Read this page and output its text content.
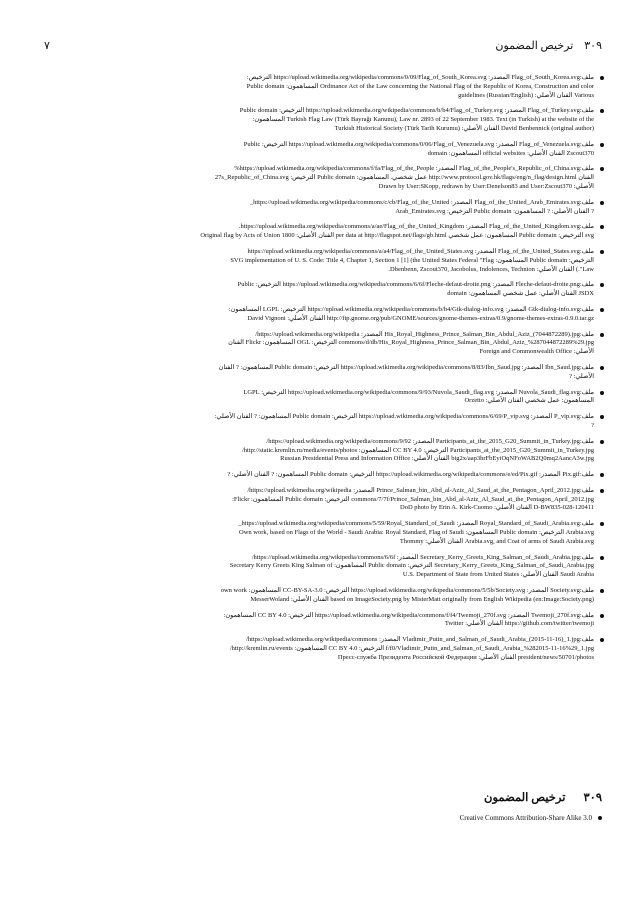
٧	٣٠٩    ترخيص المضمون
ملف:Flag_of_South_Korea.svg المصدر: https://upload.wikimedia.org/wikipedia/commons/0/09/Flag_of_South_Korea.svg الترخيص:
Ordinance Act of the Law concerning the National Flag of the Republic of Korea, Construction and color المساهمون: Public domain
Various الفنان الأصلي: guidelines (Russian/English)
ملف:Flag_of_Turkey.svg المصدر: https://upload.wikimedia.org/wikipedia/commons/b/b4/Flag_of_Turkey.svg الترخيص: Public domain
Turkish Flag Law (Türk Bayrağı Kanunu), Law nr. 2893 of 22 September 1983. Text (in Turkish) at the website of the المساهمون:
David Benbennick (original author) الفنان الأصلي: Turkish Historical Society (Türk Tarih Kurumu)
ملف:Flag_of_Venezuela.svg المصدر: https://upload.wikimedia.org/wikipedia/commons/0/06/Flag_of_Venezuela.svg الترخيص: Public
Zscout370 الفنان الأصلي: official websites المساهمون: domain
ملف:Flag_of_the_People's_Republic_of_China.svg المصدر: https://upload.wikimedia.org/wikipedia/commons/f/fa/Flag_of_the_People%
الفنان http://www.protocol.gov.hk/flags/eng/n_flag/design.html عمل شخصي. المساهمون: Public domain الترخيص: 27s_Republic_of_China.svg
الأصلي: Drawn by User:SKopp, redrawn by User:Denelson83 and User:Zscout370
ملف:Flag_of_the_United_Arab_Emirates.svg المصدر: https://upload.wikimedia.org/wikipedia/commons/c/cb/Flag_of_the_United_
? الفنان الأصلي: ? المساهمون: Public domain الترخيص: Arab_Emirates.svg
ملف:Flag_of_the_United_Kingdom.svg المصدر: https://upload.wikimedia.org/wikipedia/commons/a/ae/Flag_of_the_United_Kingdom.
svg الترخيص: Public domain المساهمون: عمل شخصي per data at http://flagspot.net/flags/gb.html الفنان الأصلي: Original flag by Acts of Union 1800
ملف:Flag_of_the_United_States.svg المصدر: https://upload.wikimedia.org/wikipedia/commons/a/a4/Flag_of_the_United_States.svg
الترخيص: Public domain المساهمون: SVG implementation of U. S. Code: Title 4, Chapter 1, Section 1 [1] (the United States Federal "Flag
Law".) الفنان الأصلي: Dbenbenn, Zscout370, Jacobolus, Indolences, Technion.
ملف:Fleche-defaut-droite.png المصدر: https://upload.wikimedia.org/wikipedia/commons/6/6f/Fleche-defaut-droite.png الترخيص: Public
JSDX الفنان الأصلي: عمل شخصي المساهمون: domain
ملف:Gtk-dialog-info.svg المصدر: https://upload.wikimedia.org/wikipedia/commons/b/b4/Gtk-dialog-info.svg الترخيص: LGPL المساهمون:
http://ftp.gnome.org/pub/GNOME/sources/gnome-themes-extras/0.9/gnome-themes-extras-0.9.0.tar.gz الفنان الأصلي: David Vignoni
ملف:His_Royal_Highness_Prince_Salman_Bin_Abdul_Aziz_(7044872289).jpg المصدر: https://upload.wikimedia.org/wikipedia/
commons/d/db/His_Royal_Highness_Prince_Salman_Bin_Abdul_Aziz_%287044872289%29.jpg الترخيص: OGL المساهمون: Flickr الفنان
الأصلي: Foreign and Commonwealth Office
ملف:Ibn_Saud.jpg المصدر: https://upload.wikimedia.org/wikipedia/commons/8/83/Ibn_Saud.jpg الترخيص: Public domain المساهمون: ? الفنان
الأصلي: ?
ملف:Nuvola_Saudi_flag.svg المصدر: https://upload.wikimedia.org/wikipedia/commons/9/93/Nuvola_Saudi_flag.svg الترخيص: LGPL
المساهمون: عمل شخصي الفنان الأصلي: Orzetto
ملف:P_vip.svg المصدر: https://upload.wikimedia.org/wikipedia/commons/6/69/P_vip.svg الترخيص: Public domain المساهمون: ? الفنان الأصلي:
?
ملف:Participants_at_the_2015_G20_Summit_in_Turkey.jpg المصدر: https://upload.wikimedia.org/wikipedia/commons/9/92/
Participants_at_the_2015_G20_Summit_in_Turkey.jpg الترخيص: CC BY 4.0 المساهمون: http://static.kremlin.ru/media/events/photos/
big2x/aap3hrFbEyiOqNFoWAB2Q0mq2AancA3w.jpg الفنان الأصلي: Russian Presidential Press and Information Office
ملف:Pix.gif المصدر: https://upload.wikimedia.org/wikipedia/commons/e/ed/Pix.gif الترخيص: Public domain المساهمون: ? الفنان الأصلي: ?
ملف:Prince_Salman_bin_Abd_al-Aziz_Al_Saud_at_the_Pentagon_April_2012.jpg المصدر: https://upload.wikimedia.org/wikipedia/
commons/7/7f/Prince_Salman_bin_Abd_al-Aziz_Al_Saud_at_the_Pentagon_April_2012.jpg الترخيص: Public domain المساهمون: Flickr:
120411-D-BW835-028 الفنان الأصلي: DoD photo by Erin A. Kirk-Cuomo
ملف:Royal_Standard_of_Saudi_Arabia.svg المصدر: https://upload.wikimedia.org/wikipedia/commons/5/59/Royal_Standard_of_Saudi_
Arabia.svg الترخيص: Public domain المساهمون: Own work, based on Flags of the World - Saudi Arabia: Royal Standard, Flag of Saudi
Arabia.svg, and Coat of arms of Saudi Arabia.svg الفنان الأصلي: Thommy
ملف:Secretary_Kerry_Greets_King_Salman_of_Saudi_Arabia.jpg المصدر: https://upload.wikimedia.org/wikipedia/commons/6/6f/
Secretary_Kerry_Greets_King_Salman_of_Saudi_Arabia.jpg الترخيص: Public domain المساهمون: Secretary Kerry Greets King Salman of
Saudi Arabia الفنان الأصلي: U.S. Department of State from United States
ملف:Society.svg المصدر: https://upload.wikimedia.org/wikipedia/commons/5/5b/Society.svg الترخيص: CC-BY-SA-3.0 المساهمون: own work
based on ImageSociety.png by MisterMatt originally from English Wikipedia (en:Image:Society.png) الفنان الأصلي: MesserWoland
ملف:Twemoji_270f.svg المصدر: https://upload.wikimedia.org/wikipedia/commons/f/f4/Twemoji_270f.svg الترخيص: CC BY 4.0 المساهمون:
https://github.com/twitter/twemoji الفنان الأصلي: Twitter
ملف:Vladimir_Putin_and_Salman_of_Saudi_Arabia_(2015-11-16)_1.jpg المصدر: https://upload.wikimedia.org/wikipedia/commons/
f/f0/Vladimir_Putin_and_Salman_of_Saudi_Arabia_%282015-11-16%29_1.jpg الترخيص: CC BY 4.0 المساهمون: http://kremlin.ru/events/
president/news/50701/photos الفنان الأصلي: Пресс-служба Президента Российской Федерации
٣٠٩ترخيص المضمون
Creative Commons Attribution-Share Alike 3.0
